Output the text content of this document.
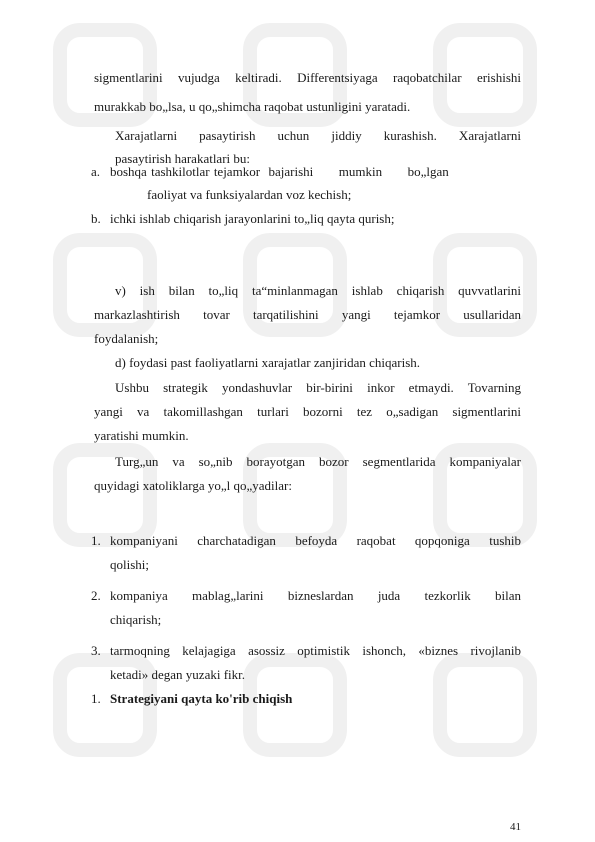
sigmentlarini vujudga keltiradi. Differentsiyaga raqobatchilar erishishi
murakkab bo„lsa, u qo„shimcha raqobat ustunligini yaratadi.
Xarajatlarni pasaytirish uchun jiddiy kurashish. Xarajatlarni
pasaytirish harakatlari bu:
a. boshqa tashkilotlar tejamkor  bajarishi      mumkin      bo„lgan
faoliyat va funksiyalardan voz kechish;
b. ichki ishlab chiqarish jarayonlarini to„liq qayta qurish;
v) ish bilan to„liq ta“minlanmagan ishlab chiqarish quvvatlarini
markazlashtirish tovar tarqatilishini yangi tejamkor usullaridan
foydalanish;
d) foydasi past faoliyatlarni xarajatlar zanjiridan chiqarish.
Ushbu strategik yondashuvlar bir-birini inkor etmaydi. Tovarning
yangi va takomillashgan turlari bozorni tez o„sadigan sigmentlarini
yaratishi mumkin.
Turg„un va so„nib borayotgan bozor segmentlarida kompaniyalar
quyidagi xatoliklarga yo„l qo„yadilar:
1. kompaniyani charchatadigan befoyda raqobat qopqoniga tushib
qolishi;
2. kompaniya mablag„larini bizneslardan juda tezkorlik bilan
chiqarish;
3. tarmoqning kelajagiga asossiz optimistik ishonch, «biznes rivojlanib
ketadi» degan yuzaki fikr.
1. Strategiyani qayta ko'rib chiqish
41
